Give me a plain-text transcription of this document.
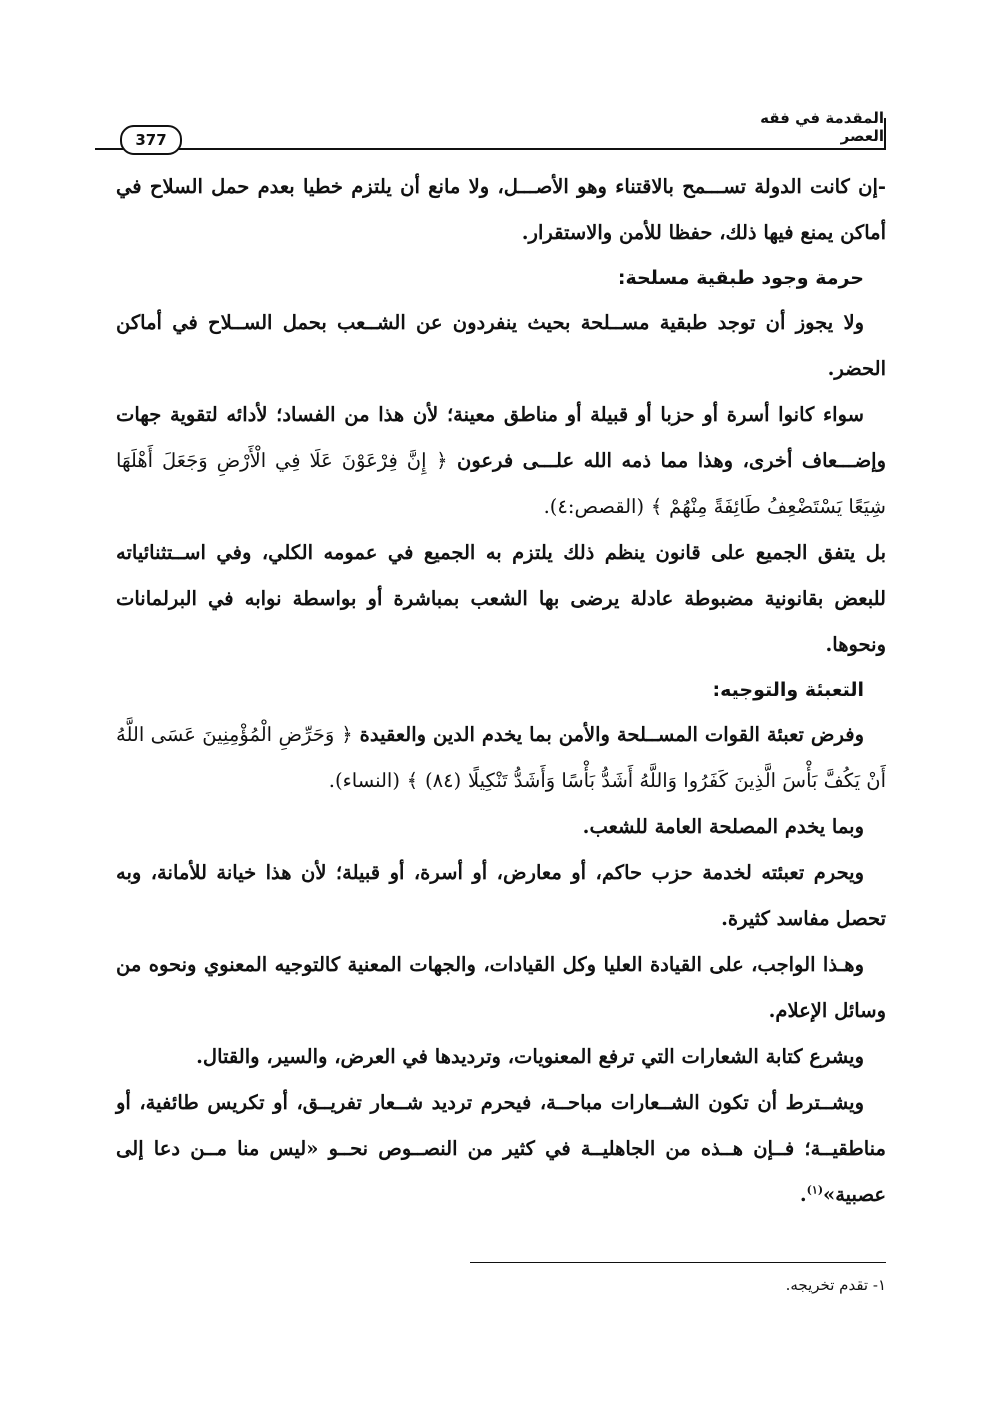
المقدمة في فقه العصر
377

-إن كانت الدولة تســـمح بالاقتناء وهو الأصـــل، ولا مانع أن يلتزم خطيا بعدم حمل السلاح في أماكن يمنع فيها ذلك، حفظا للأمن والاستقرار.

حرمة وجود طبقية مسلحة:

ولا يجوز أن توجد طبقية مســلحة بحيث ينفردون عن الشــعب بحمل الســلاح في أماكن الحضر.

سواء كانوا أسرة أو حزبا أو قبيلة أو مناطق معينة؛ لأن هذا من الفساد؛ لأدائه لتقوية جهات وإضـــعاف أخرى، وهذا مما ذمه الله علـــى فرعون ﴿ إِنَّ فِرْعَوْنَ عَلَا فِي الْأَرْضِ وَجَعَلَ أَهْلَهَا شِيَعًا يَسْتَضْعِفُ طَائِفَةً مِنْهُمْ ﴾ (القصص:٤).

بل يتفق الجميع على قانون ينظم ذلك يلتزم به الجميع في عمومه الكلي، وفي اســتثنائياته للبعض بقانونية مضبوطة عادلة يرضى بها الشعب بمباشرة أو بواسطة نوابه في البرلمانات ونحوها.

التعبئة والتوجيه:

وفرض تعبئة القوات المســلحة والأمن بما يخدم الدين والعقيدة ﴿ وَحَرِّضِ الْمُؤْمِنِينَ عَسَى اللَّهُ أَنْ يَكُفَّ بَأْسَ الَّذِينَ كَفَرُوا وَاللَّهُ أَشَدُّ بَأْسًا وَأَشَدُّ تَنْكِيلًا (٨٤) ﴾ (النساء).

وبما يخدم المصلحة العامة للشعب.

ويحرم تعبئته لخدمة حزب حاكم، أو معارض، أو أسرة، أو قبيلة؛ لأن هذا خيانة للأمانة، وبه تحصل مفاسد كثيرة.

وهـذا الواجب، على القيادة العليا وكل القيادات، والجهات المعنية كالتوجيه المعنوي ونحوه من وسائل الإعلام.

ويشرع كتابة الشعارات التي ترفع المعنويات، وترديدها في العرض، والسير، والقتال.

ويشــترط أن تكون الشــعارات مباحــة، فيحرم ترديد شــعار تفريــق، أو تكريس طائفية، أو مناطقيــة؛ فــإن هــذه من الجاهليــة في كثير من النصــوص نحــو «ليس منا مــن دعا إلى عصبية»$^{(١)}$.

١- تقدم تخريجه.
